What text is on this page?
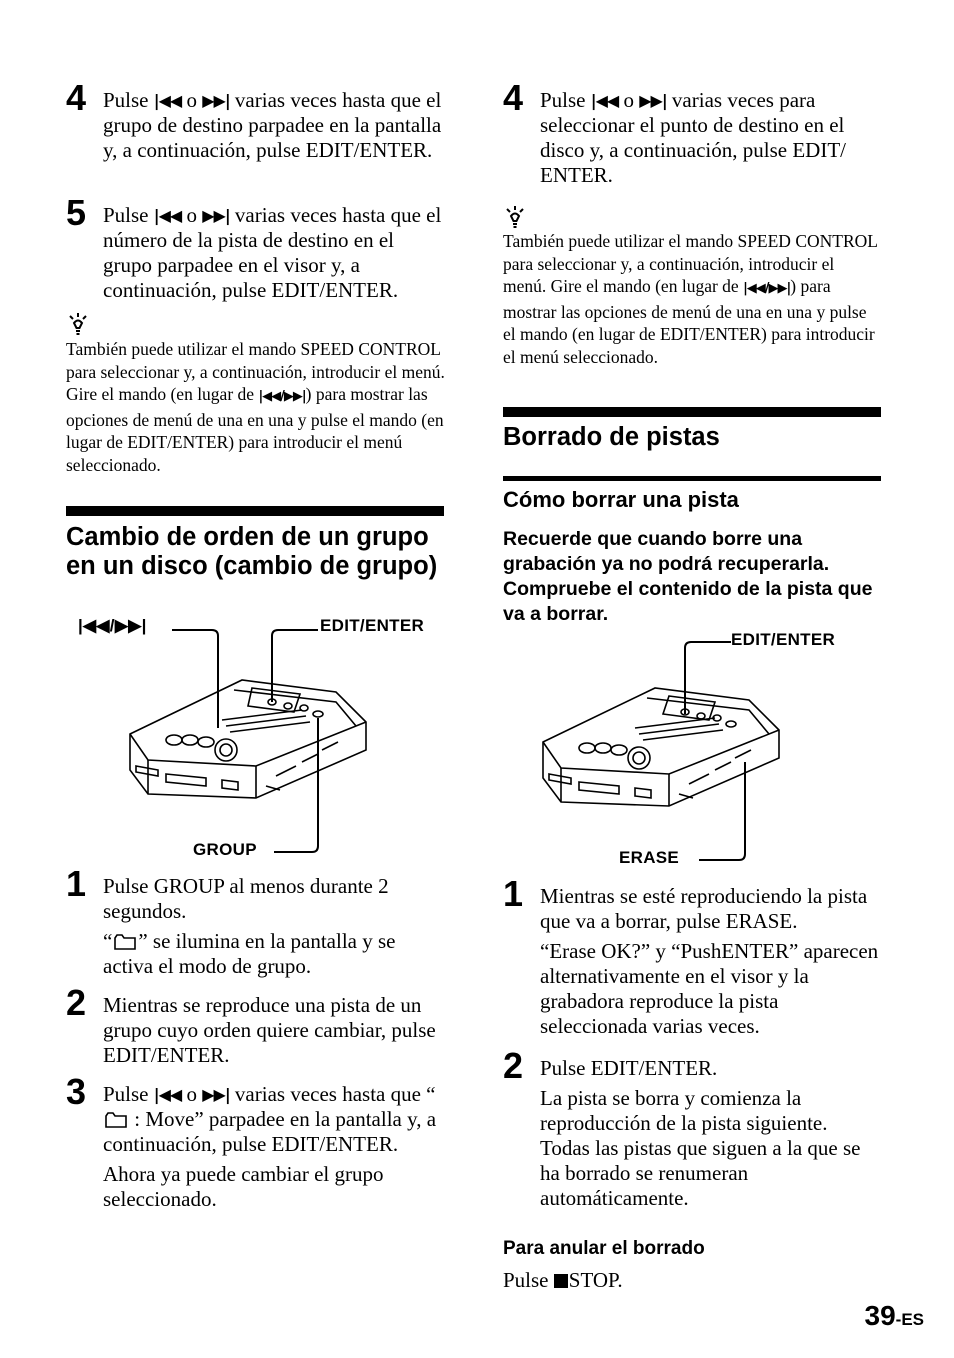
4 Pulse |◀◀ o ▶▶| varias veces hasta que el grupo de destino parpadee en la pantalla y, a continuación, pulse EDIT/ENTER.

5 Pulse |◀◀ o ▶▶| varias veces hasta que el número de la pista de destino en el grupo parpadee en el visor y, a continuación, pulse EDIT/ENTER.

También puede utilizar el mando SPEED CONTROL para seleccionar y, a continuación, introducir el menú. Gire el mando (en lugar de |◀◀/▶▶|) para mostrar las opciones de menú de una en una y pulse el mando (en lugar de EDIT/ENTER) para introducir el menú seleccionado.
Cambio de orden de un grupo en un disco (cambio de grupo)
|◀◀/▶▶|	EDIT/ENTER
GROUP
1 Pulse GROUP al menos durante 2 segundos.

“ ” se ilumina en la pantalla y se activa el modo de grupo.

2 Mientras se reproduce una pista de un grupo cuyo orden quiere cambiar, pulse EDIT/ENTER.

3 Pulse |◀◀ o ▶▶| varias veces hasta que “ : Move” parpadee en la pantalla y, a continuación, pulse EDIT/ENTER.

Ahora ya puede cambiar el grupo seleccionado.

4 Pulse |◀◀ o ▶▶| varias veces para seleccionar el punto de destino en el disco y, a continuación, pulse EDIT/ ENTER.

También puede utilizar el mando SPEED CONTROL para seleccionar y, a continuación, introducir el menú. Gire el mando (en lugar de |◀◀/▶▶|) para mostrar las opciones de menú de una en una y pulse el mando (en lugar de EDIT/ENTER) para introducir el menú seleccionado.
Borrado de pistas
Cómo borrar una pista
Recuerde que cuando borre una grabación ya no podrá recuperarla. Compruebe el contenido de la pista que va a borrar.
EDIT/ENTER
ERASE
1 Mientras se esté reproduciendo la pista que va a borrar, pulse ERASE.

“Erase OK?” y “PushENTER” aparecen alternativamente en el visor y la grabadora reproduce la pista seleccionada varias veces.

2 Pulse EDIT/ENTER.

La pista se borra y comienza la reproducción de la pista siguiente. Todas las pistas que siguen a la que se ha borrado se renumeran automáticamente.

Para anular el borrado
Pulse STOP.
39-ES
